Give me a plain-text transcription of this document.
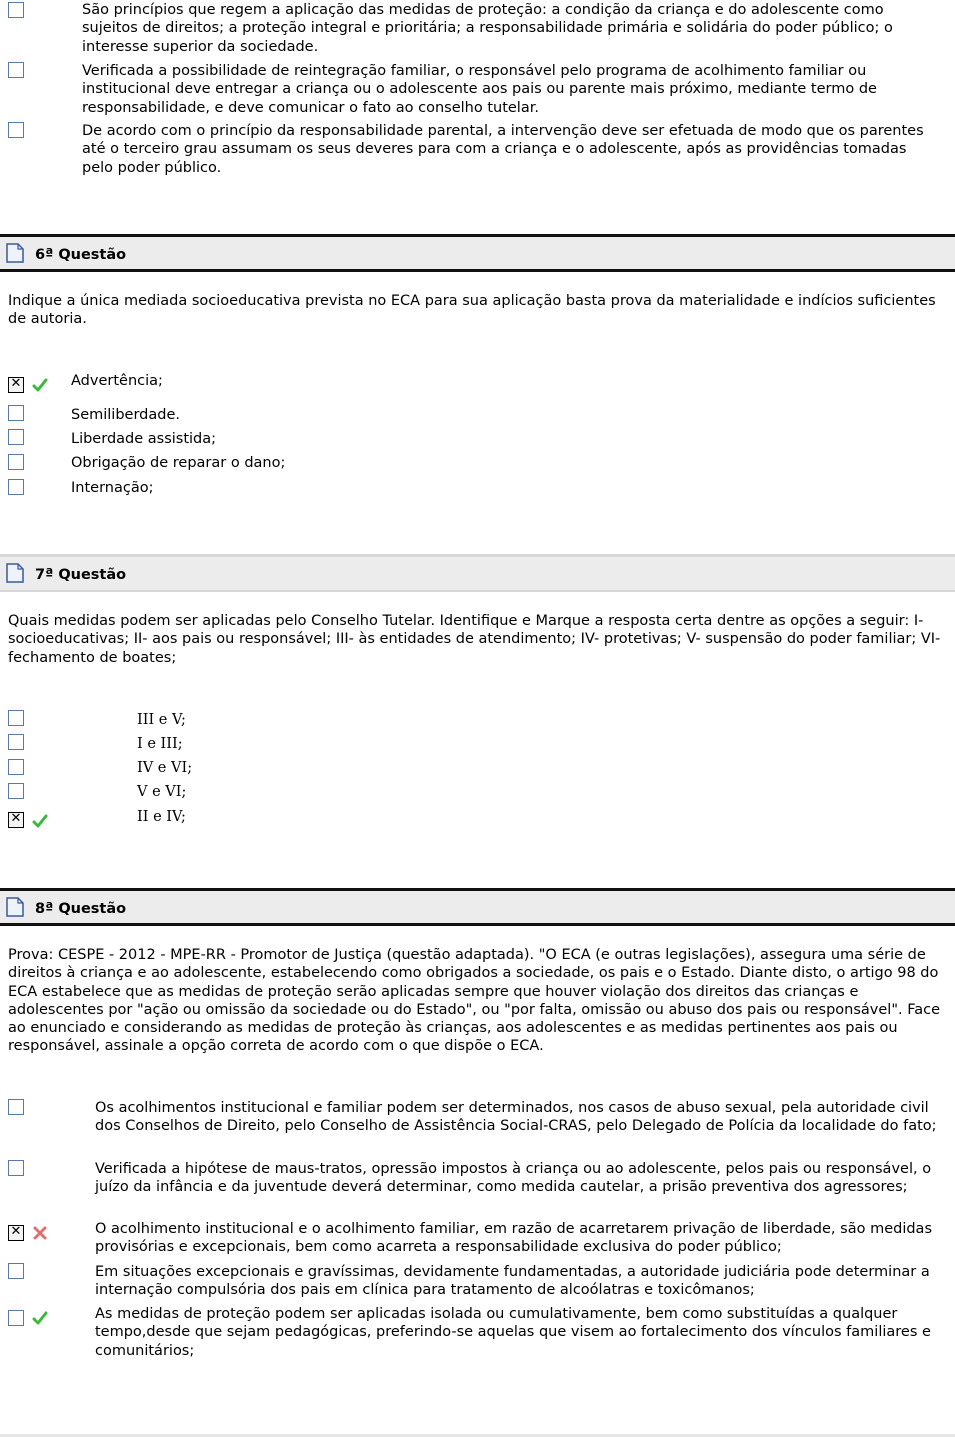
São princípios que regem a aplicação das medidas de proteção: a condição da criança e do adolescente como sujeitos de direitos; a proteção integral e prioritária; a responsabilidade primária e solidária do poder público; o interesse superior da sociedade.
Verificada a possibilidade de reintegração familiar, o responsável pelo programa de acolhimento familiar ou institucional deve entregar a criança ou o adolescente aos pais ou parente mais próximo, mediante termo de responsabilidade, e deve comunicar o fato ao conselho tutelar.
De acordo com o princípio da responsabilidade parental, a intervenção deve ser efetuada de modo que os parentes até o terceiro grau assumam os seus deveres para com a criança e o adolescente, após as providências tomadas pelo poder público.
6ª Questão
Indique a única mediada socioeducativa prevista no ECA para sua aplicação basta prova da materialidade e indícios suficientes de autoria.
✕
Advertência;
Semiliberdade.
Liberdade assistida;
Obrigação de reparar o dano;
Internação;
7ª Questão
Quais medidas podem ser aplicadas pelo Conselho Tutelar. Identifique e Marque a resposta certa dentre as opções a seguir: I- socioeducativas; II- aos pais ou responsável; III- às entidades de atendimento; IV- protetivas; V- suspensão do poder familiar; VI- fechamento de boates;
III e V;
I e III;
IV e VI;
V e VI;
✕
II e IV;
8ª Questão
Prova: CESPE - 2012 - MPE-RR - Promotor de Justiça (questão adaptada). "O ECA (e outras legislações), assegura uma série de direitos à criança e ao adolescente, estabelecendo como obrigados a sociedade, os pais e o Estado. Diante disto, o artigo 98 do ECA estabelece que as medidas de proteção serão aplicadas sempre que houver violação dos direitos das crianças e adolescentes por "ação ou omissão da sociedade ou do Estado", ou "por falta, omissão ou abuso dos pais ou responsável". Face ao enunciado e considerando as medidas de proteção às crianças, aos adolescentes e as medidas pertinentes aos pais ou responsável, assinale a opção correta de acordo com o que dispõe o ECA.
Os acolhimentos institucional e familiar podem ser determinados, nos casos de abuso sexual, pela autoridade civil dos Conselhos de Direito, pelo Conselho de Assistência Social-CRAS, pelo Delegado de Polícia da localidade do fato;
Verificada a hipótese de maus-tratos, opressão impostos à criança ou ao adolescente, pelos pais ou responsável, o juízo da infância e da juventude deverá determinar, como medida cautelar, a prisão preventiva dos agressores;
✕
O acolhimento institucional e o acolhimento familiar, em razão de acarretarem privação de liberdade, são medidas provisórias e excepcionais, bem como acarreta a responsabilidade exclusiva do poder público;
Em situações excepcionais e gravíssimas, devidamente fundamentadas, a autoridade judiciária pode determinar a internação compulsória dos pais em clínica para tratamento de alcoólatras e toxicômanos;
As medidas de proteção podem ser aplicadas isolada ou cumulativamente, bem como substituídas a qualquer tempo,desde que sejam pedagógicas, preferindo-se aquelas que visem ao fortalecimento dos vínculos familiares e comunitários;
